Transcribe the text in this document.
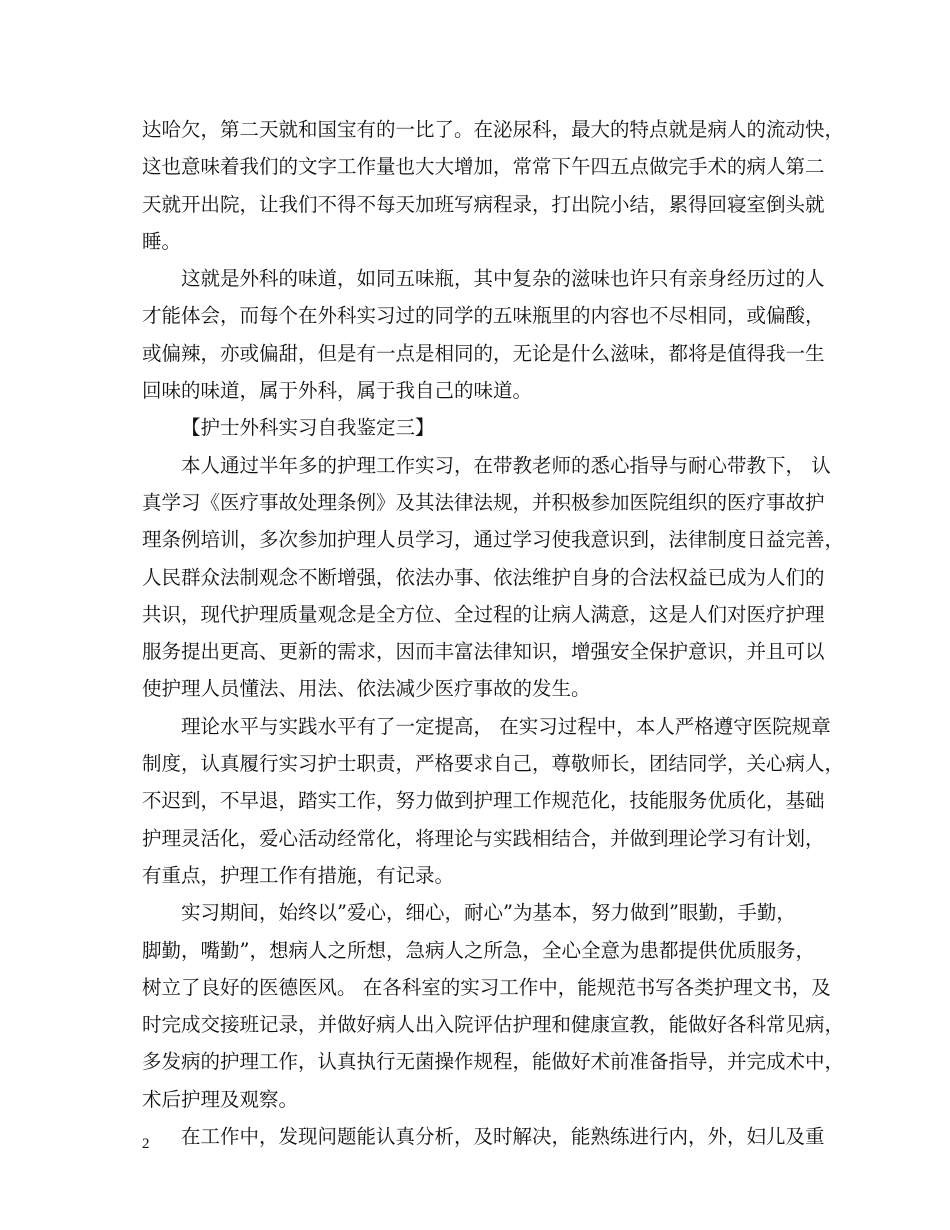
达哈欠，第二天就和国宝有的一比了。在泌尿科，最大的特点就是病人的流动快，
这也意味着我们的文字工作量也大大增加，常常下午四五点做完手术的病人第二
天就开出院，让我们不得不每天加班写病程录，打出院小结，累得回寝室倒头就
睡。
这就是外科的味道，如同五味瓶，其中复杂的滋味也许只有亲身经历过的人
才能体会，而每个在外科实习过的同学的五味瓶里的内容也不尽相同，或偏酸，
或偏辣，亦或偏甜，但是有一点是相同的，无论是什么滋味，都将是值得我一生
回味的味道，属于外科，属于我自己的味道。
【护士外科实习自我鉴定三】
本人通过半年多的护理工作实习，在带教老师的悉心指导与耐心带教下， 认
真学习《医疗事故处理条例》及其法律法规，并积极参加医院组织的医疗事故护
理条例培训，多次参加护理人员学习，通过学习使我意识到，法律制度日益完善，
人民群众法制观念不断增强，依法办事、依法维护自身的合法权益已成为人们的
共识，现代护理质量观念是全方位、全过程的让病人满意，这是人们对医疗护理
服务提出更高、更新的需求，因而丰富法律知识，增强安全保护意识，并且可以
使护理人员懂法、用法、依法减少医疗事故的发生。
理论水平与实践水平有了一定提高， 在实习过程中，本人严格遵守医院规章
制度，认真履行实习护士职责，严格要求自己，尊敬师长，团结同学，关心病人，
不迟到，不早退，踏实工作，努力做到护理工作规范化，技能服务优质化，基础
护理灵活化，爱心活动经常化，将理论与实践相结合，并做到理论学习有计划，
有重点，护理工作有措施，有记录。
实习期间，始终以”爱心，细心，耐心”为基本，努力做到”眼勤，手勤，
脚勤，嘴勤”，想病人之所想，急病人之所急，全心全意为患都提供优质服务，
树立了良好的医德医风。 在各科室的实习工作中，能规范书写各类护理文书，及
时完成交接班记录，并做好病人出入院评估护理和健康宣教，能做好各科常见病，
多发病的护理工作，认真执行无菌操作规程，能做好术前准备指导，并完成术中，
术后护理及观察。
在工作中，发现问题能认真分析，及时解决，能熟练进行内，外，妇儿及重
2
